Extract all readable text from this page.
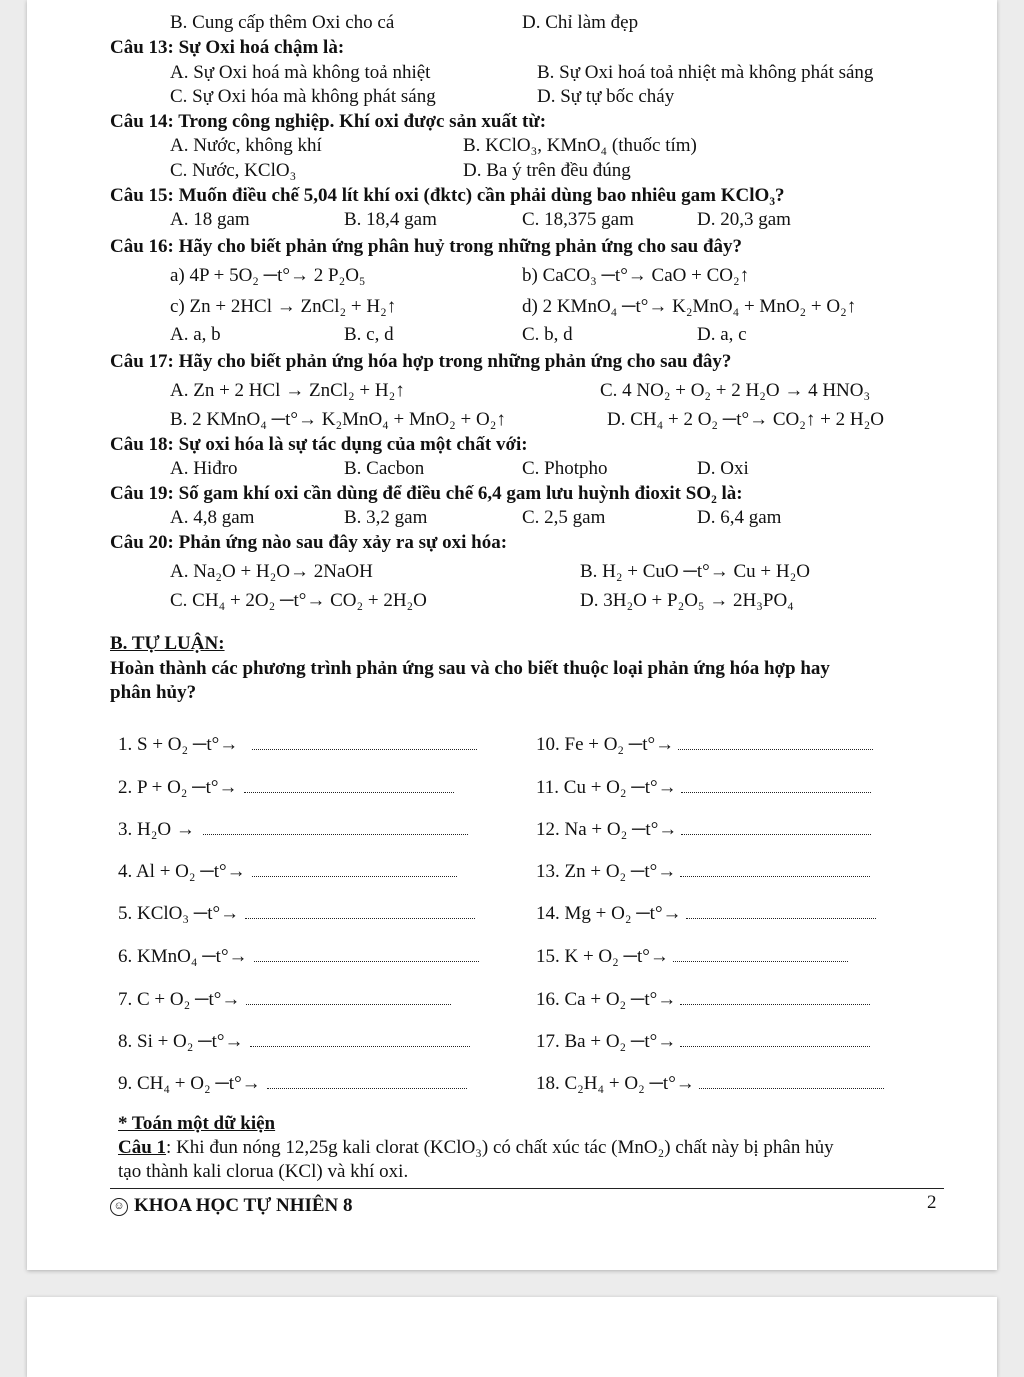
B. Cung cấp thêm Oxi cho cá	D. Chỉ làm đẹp
Câu 13: Sự Oxi hoá chậm là:
A. Sự Oxi hoá mà không toả nhiệt	B. Sự Oxi hoá toả nhiệt mà không phát sáng
C. Sự Oxi hóa mà không phát sáng	D. Sự tự bốc cháy
Câu 14: Trong công nghiệp. Khí oxi được sản xuất từ:
A. Nước, không khí	B. KClO₃, KMnO₄ (thuốc tím)
C. Nước, KClO₃	D. Ba ý trên đều đúng
Câu 15: Muốn điều chế 5,04 lít khí oxi (đktc) cần phải dùng bao nhiêu gam KClO₃?
A. 18 gam	B. 18,4 gam	C. 18,375 gam	D. 20,3 gam
Câu 16: Hãy cho biết phản ứng phân huỷ trong những phản ứng cho sau đây?
a) 4P + 5O₂ ─t°→ 2 P₂O₅	b) CaCO₃ ─t°→ CaO + CO₂↑
c) Zn + 2HCl → ZnCl₂ + H₂↑	d) 2 KMnO₄ ─t°→ K₂MnO₄ + MnO₂ + O₂↑
A. a, b	B. c, d	C. b, d	D. a, c
Câu 17: Hãy cho biết phản ứng hóa hợp trong những phản ứng cho sau đây?
A. Zn + 2 HCl → ZnCl₂ + H₂↑	C. 4 NO₂ + O₂ + 2 H₂O → 4 HNO₃
B. 2 KMnO₄ ─t°→ K₂MnO₄ + MnO₂ + O₂↑	D. CH₄ + 2 O₂ ─t°→ CO₂↑ + 2 H₂O
Câu 18: Sự oxi hóa là sự tác dụng của một chất với:
A. Hiđro	B. Cacbon	C. Photpho	D. Oxi
Câu 19: Số gam khí oxi cần dùng để điều chế 6,4 gam lưu huỳnh đioxit SO₂ là:
A. 4,8 gam	B. 3,2 gam	C. 2,5 gam	D. 6,4 gam
Câu 20: Phản ứng nào sau đây xảy ra sự oxi hóa:
A. Na₂O + H₂O→ 2NaOH	B. H₂ + CuO ─t°→ Cu + H₂O
C. CH₄ + 2O₂ ─t°→ CO₂ + 2H₂O	D. 3H₂O + P₂O₅ → 2H₃PO₄
B. TỰ LUẬN:
Hoàn thành các phương trình phản ứng sau và cho biết thuộc loại phản ứng hóa hợp hay
phân hủy?
1. S + O₂ ─t°→
2. P + O₂ ─t°→
3. H₂O →
4. Al + O₂ ─t°→
5. KClO₃ ─t°→
6. KMnO₄ ─t°→
7. C + O₂ ─t°→
8. Si + O₂ ─t°→
9. CH₄ + O₂ ─t°→
10. Fe + O₂ ─t°→
11. Cu + O₂ ─t°→
12. Na + O₂ ─t°→
13. Zn + O₂ ─t°→
14. Mg + O₂ ─t°→
15. K + O₂ ─t°→
16. Ca + O₂ ─t°→
17. Ba + O₂ ─t°→
18. C₂H₄ + O₂ ─t°→
* Toán một dữ kiện
Câu 1: Khi đun nóng 12,25g kali clorat (KClO₃) có chất xúc tác (MnO₂) chất này bị phân hủy
tạo thành kali clorua (KCl) và khí oxi.
☺ KHOA HỌC TỰ NHIÊN 8	2
